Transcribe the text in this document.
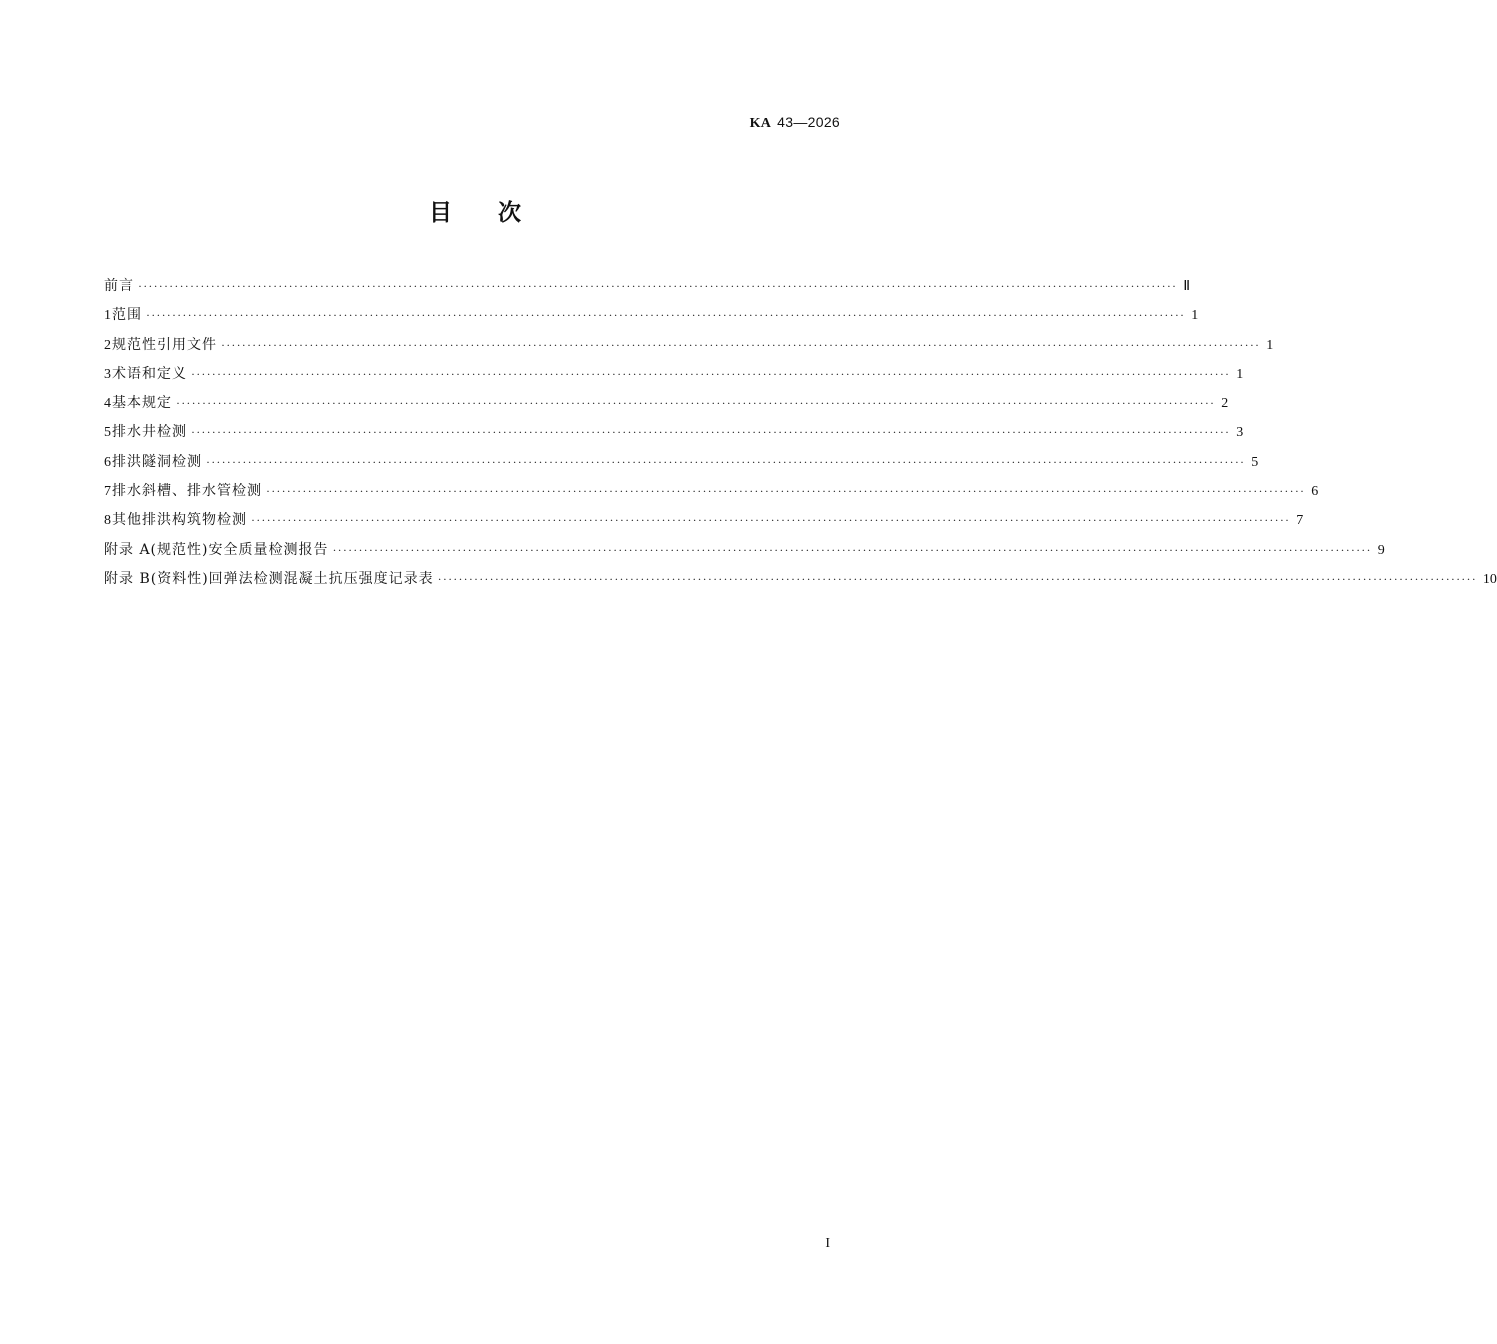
KA 43—2026
目次
前言 ········································································································································································································ Ⅱ
1 范围 ········································································································································································································ 1
2 规范性引用文件 ········································································································································································································ 1
3 术语和定义 ········································································································································································································ 1
4 基本规定 ········································································································································································································ 2
5 排水井检测 ········································································································································································································ 3
6 排洪隧洞检测 ········································································································································································································ 5
7 排水斜槽、排水管检测 ········································································································································································································ 6
8 其他排洪构筑物检测 ········································································································································································································ 7
附录 A(规范性) 安全质量检测报告 ········································································································································································································ 9
附录 B(资料性) 回弹法检测混凝土抗压强度记录表 ········································································································································································································ 10
I
